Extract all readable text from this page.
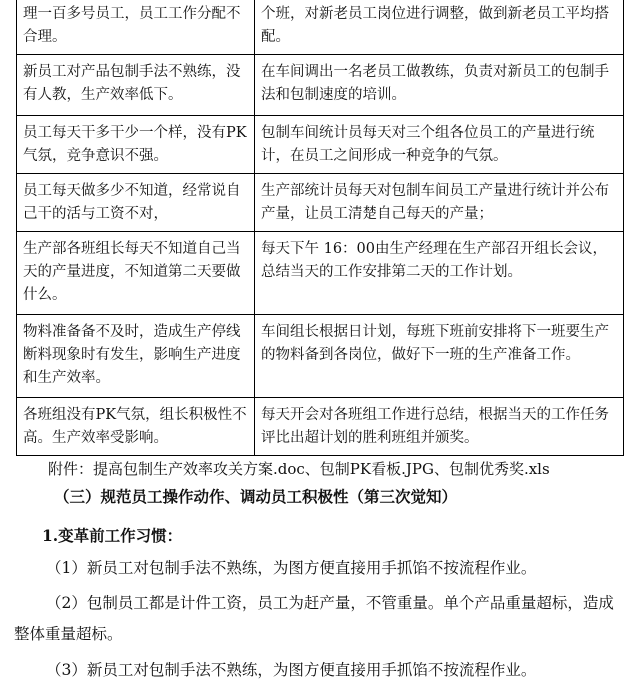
理一百多号员工，员工工作分配不合理。	个班，对新老员工岗位进行调整，做到新老员工平均搭配。
新员工对产品包制手法不熟练，没有人教，生产效率低下。	在车间调出一名老员工做教练，负责对新员工的包制手法和包制速度的培训。
员工每天干多干少一个样，没有PK气氛，竞争意识不强。	包制车间统计员每天对三个组各位员工的产量进行统计，在员工之间形成一种竞争的气氛。
员工每天做多少不知道，经常说自己干的活与工资不对，	生产部统计员每天对包制车间员工产量进行统计并公布产量，让员工清楚自己每天的产量；
生产部各班组长每天不知道自己当天的产量进度，不知道第二天要做什么。	每天下午 16：00由生产经理在生产部召开组长会议，总结当天的工作安排第二天的工作计划。
物料准备备不及时，造成生产停线断料现象时有发生，影响生产进度和生产效率。	车间组长根据日计划，每班下班前安排将下一班要生产的物料备到各岗位，做好下一班的生产准备工作。
各班组没有PK气氛，组长积极性不高。生产效率受影响。	每天开会对各班组工作进行总结，根据当天的工作任务评比出超计划的胜利班组并颁奖。
附件：提高包制生产效率攻关方案.doc、包制PK看板.JPG、包制优秀奖.xls
（三）规范员工操作动作、调动员工积极性（第三次觉知）
1.变革前工作习惯：
（1）新员工对包制手法不熟练，为图方便直接用手抓馅不按流程作业。
（2）包制员工都是计件工资，员工为赶产量，不管重量。单个产品重量超标，造成整体重量超标。
（3）新员工对包制手法不熟练，为图方便直接用手抓馅不按流程作业。
